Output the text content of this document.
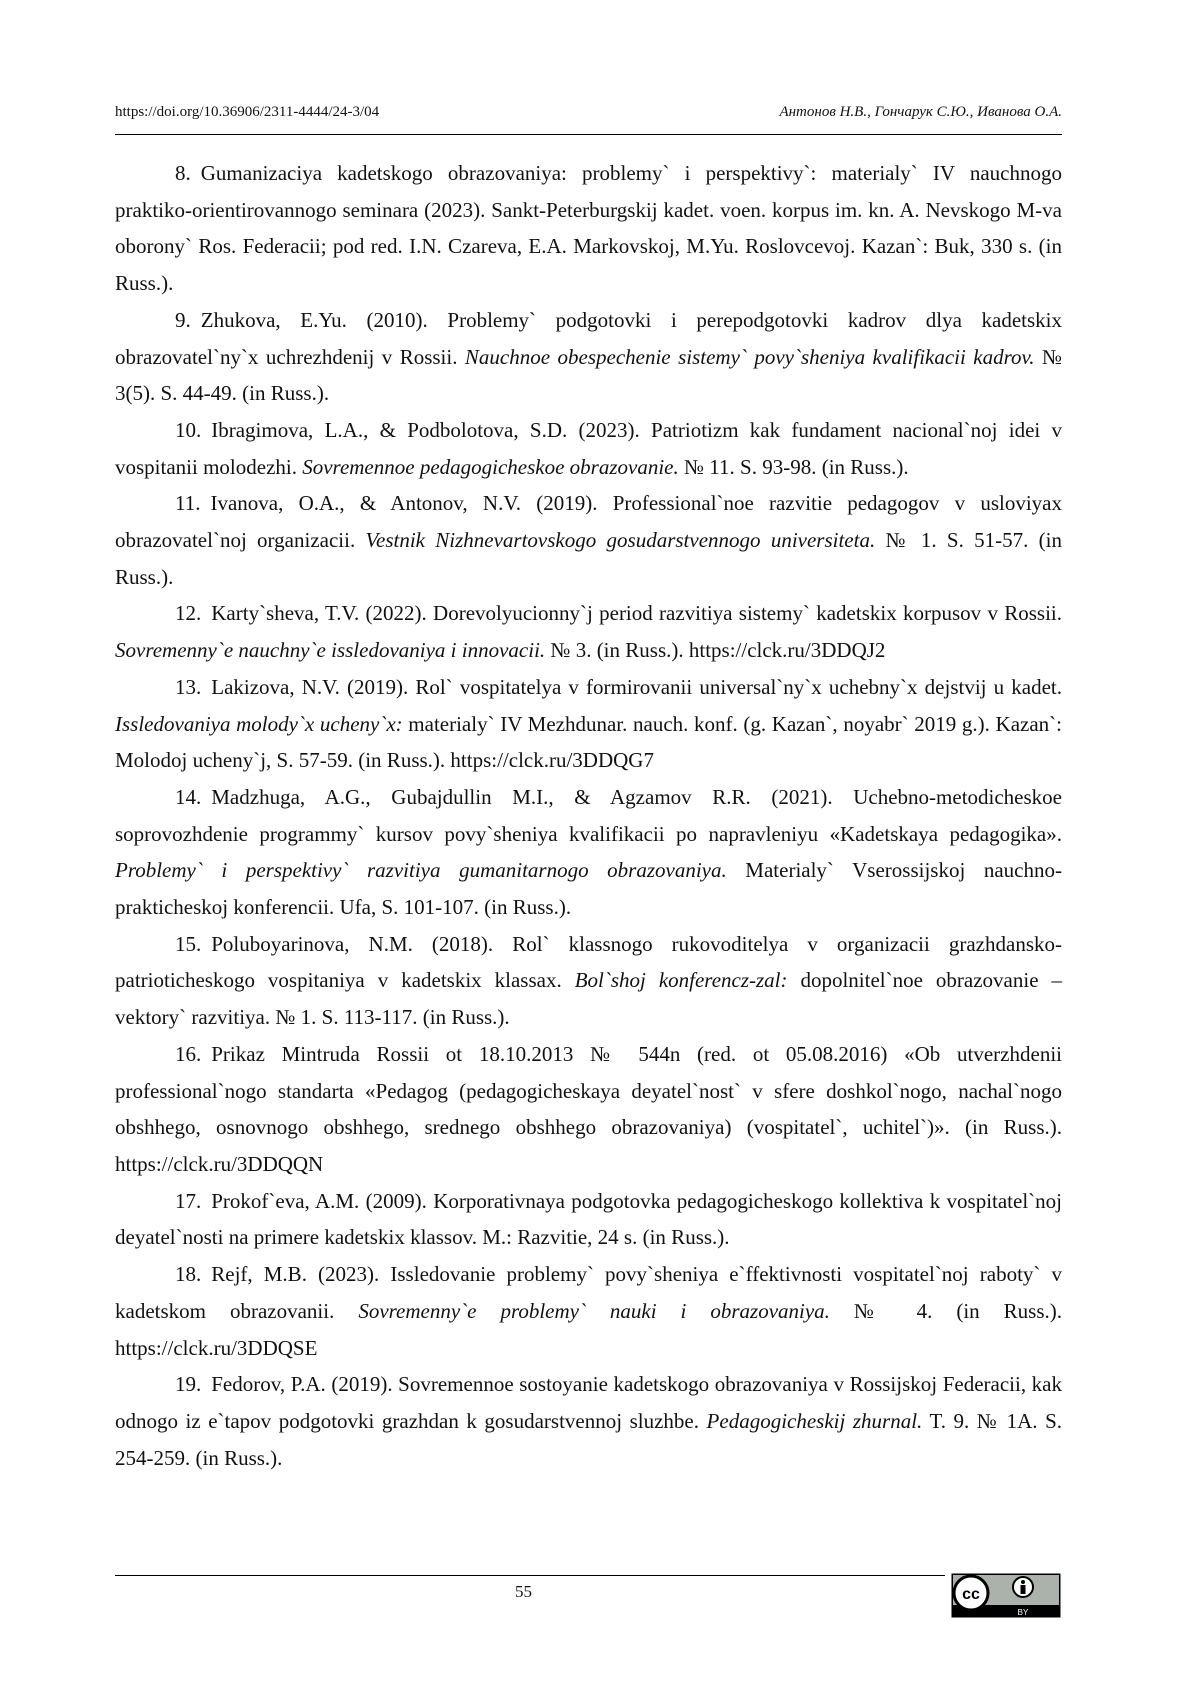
https://doi.org/10.36906/2311-4444/24-3/04	Антонов Н.В., Гончарук С.Ю., Иванова О.А.

8. Gumanizaciya kadetskogo obrazovaniya: problemy` i perspektivy`: materialy` IV nauchnogo praktiko-orientirovannogo seminara (2023). Sankt-Peterburgskij kadet. voen. korpus im. kn. A. Nevskogo M-va oborony` Ros. Federacii; pod red. I.N. Czareva, E.A. Markovskoj, M.Yu. Roslovcevoj. Kazan`: Buk, 330 s. (in Russ.).

9. Zhukova, E.Yu. (2010). Problemy` podgotovki i perepodgotovki kadrov dlya kadetskix obrazovatel`ny`x uchrezhdenij v Rossii. Nauchnoe obespechenie sistemy` povy`sheniya kvalifikacii kadrov. № 3(5). S. 44-49. (in Russ.).

10. Ibragimova, L.A., & Podbolotova, S.D. (2023). Patriotizm kak fundament nacional`noj idei v vospitanii molodezhi. Sovremennoe pedagogicheskoe obrazovanie. № 11. S. 93-98. (in Russ.).

11. Ivanova, O.A., & Antonov, N.V. (2019). Professional`noe razvitie pedagogov v usloviyax obrazovatel`noj organizacii. Vestnik Nizhnevartovskogo gosudarstvennogo universiteta. № 1. S. 51-57. (in Russ.).

12. Karty`sheva, T.V. (2022). Dorevolyucionny`j period razvitiya sistemy` kadetskix korpusov v Rossii. Sovremenny`e nauchny`e issledovaniya i innovacii. № 3. (in Russ.). https://clck.ru/3DDQJ2

13. Lakizova, N.V. (2019). Rol` vospitatelya v formirovanii universal`ny`x uchebny`x dejstvij u kadet. Issledovaniya molody`x ucheny`x: materialy` IV Mezhdunar. nauch. konf. (g. Kazan`, noyabr` 2019 g.). Kazan`: Molodoj ucheny`j, S. 57-59. (in Russ.). https://clck.ru/3DDQG7

14. Madzhuga, A.G., Gubajdullin M.I., & Agzamov R.R. (2021). Uchebno-metodicheskoe soprovozhdenie programmy` kursov povy`sheniya kvalifikacii po napravleniyu «Kadetskaya pedagogika». Problemy` i perspektivy` razvitiya gumanitarnogo obrazovaniya. Materialy` Vserossijskoj nauchno-prakticheskoj konferencii. Ufa, S. 101-107. (in Russ.).

15. Poluboyarinova, N.M. (2018). Rol` klassnogo rukovoditelya v organizacii grazhdansko-patrioticheskogo vospitaniya v kadetskix klassax. Bol`shoj konferencz-zal: dopolnitel`noe obrazovanie – vektory` razvitiya. № 1. S. 113-117. (in Russ.).

16. Prikaz Mintruda Rossii ot 18.10.2013 № 544n (red. ot 05.08.2016) «Ob utverzhdenii professional`nogo standarta «Pedagog (pedagogicheskaya deyatel`nost` v sfere doshkol`nogo, nachal`nogo obshhego, osnovnogo obshhego, srednego obshhego obrazovaniya) (vospitatel`, uchitel`)». (in Russ.). https://clck.ru/3DDQQN

17. Prokof`eva, A.M. (2009). Korporativnaya podgotovka pedagogicheskogo kollektiva k vospitatel`noj deyatel`nosti na primere kadetskix klassov. M.: Razvitie, 24 s. (in Russ.).

18. Rejf, M.B. (2023). Issledovanie problemy` povy`sheniya e`ffektivnosti vospitatel`noj raboty` v kadetskom obrazovanii. Sovremenny`e problemy` nauki i obrazovaniya. № 4. (in Russ.). https://clck.ru/3DDQSE

19. Fedorov, P.A. (2019). Sovremennoe sostoyanie kadetskogo obrazovaniya v Rossijskoj Federacii, kak odnogo iz e`tapov podgotovki grazhdan k gosudarstvennoj sluzhbe. Pedagogicheskij zhurnal. T. 9. № 1A. S. 254-259. (in Russ.).

55	cc
BY
